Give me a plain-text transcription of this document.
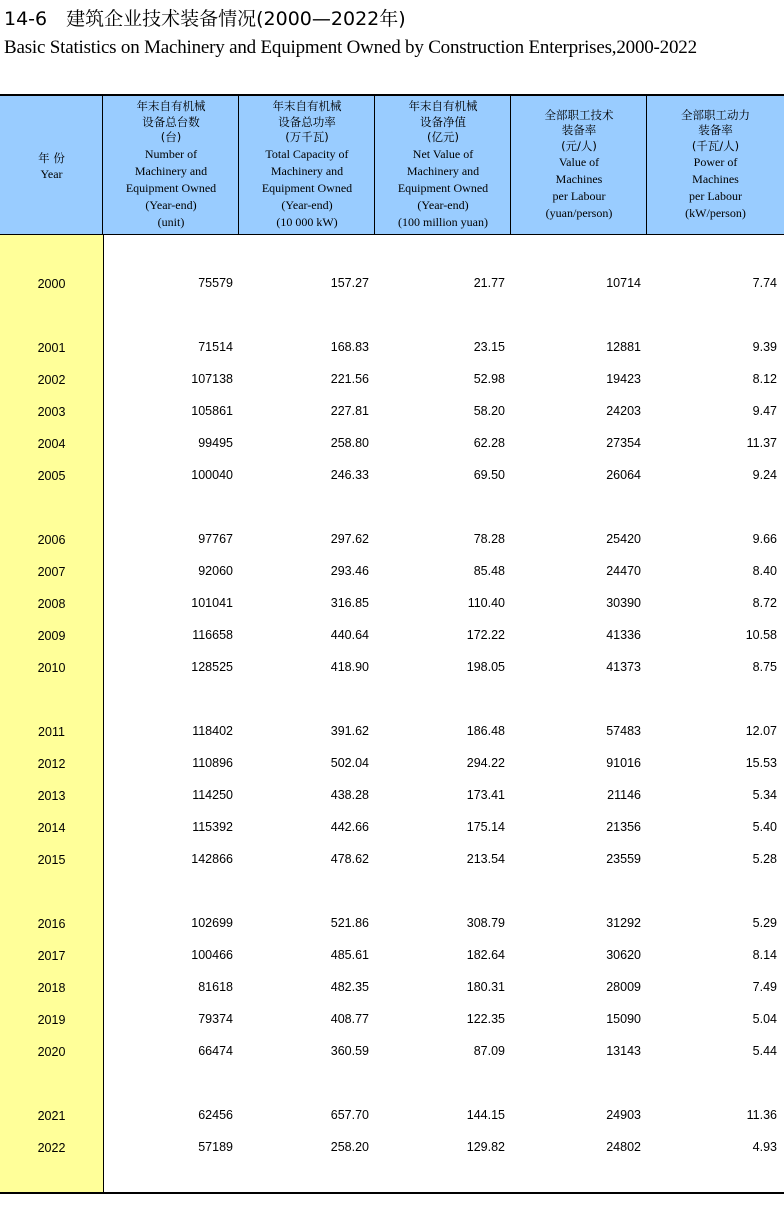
14-6　建筑企业技术装备情况(2000—2022年)
Basic Statistics on Machinery and Equipment Owned by Construction Enterprises,2000-2022
年 份
Year
年末自有机械
设备总台数
(台)
Number of
Machinery and
Equipment Owned
(Year-end)
(unit)
年末自有机械
设备总功率
(万千瓦)
Total Capacity of
Machinery and
Equipment Owned
(Year-end)
(10 000 kW)
年末自有机械
设备净值
(亿元)
Net Value of
Machinery and
Equipment Owned
(Year-end)
(100 million yuan)
全部职工技术
装备率
(元/人)
Value of
Machines
per Labour
(yuan/person)
全部职工动力
装备率
(千瓦/人)
Power of
Machines
per Labour
(kW/person)
2000	75579	157.27	21.77	10714	7.74
2001	71514	168.83	23.15	12881	9.39
2002	107138	221.56	52.98	19423	8.12
2003	105861	227.81	58.20	24203	9.47
2004	99495	258.80	62.28	27354	11.37
2005	100040	246.33	69.50	26064	9.24
2006	97767	297.62	78.28	25420	9.66
2007	92060	293.46	85.48	24470	8.40
2008	101041	316.85	110.40	30390	8.72
2009	116658	440.64	172.22	41336	10.58
2010	128525	418.90	198.05	41373	8.75
2011	118402	391.62	186.48	57483	12.07
2012	110896	502.04	294.22	91016	15.53
2013	114250	438.28	173.41	21146	5.34
2014	115392	442.66	175.14	21356	5.40
2015	142866	478.62	213.54	23559	5.28
2016	102699	521.86	308.79	31292	5.29
2017	100466	485.61	182.64	30620	8.14
2018	81618	482.35	180.31	28009	7.49
2019	79374	408.77	122.35	15090	5.04
2020	66474	360.59	87.09	13143	5.44
2021	62456	657.70	144.15	24903	11.36
2022	57189	258.20	129.82	24802	4.93
